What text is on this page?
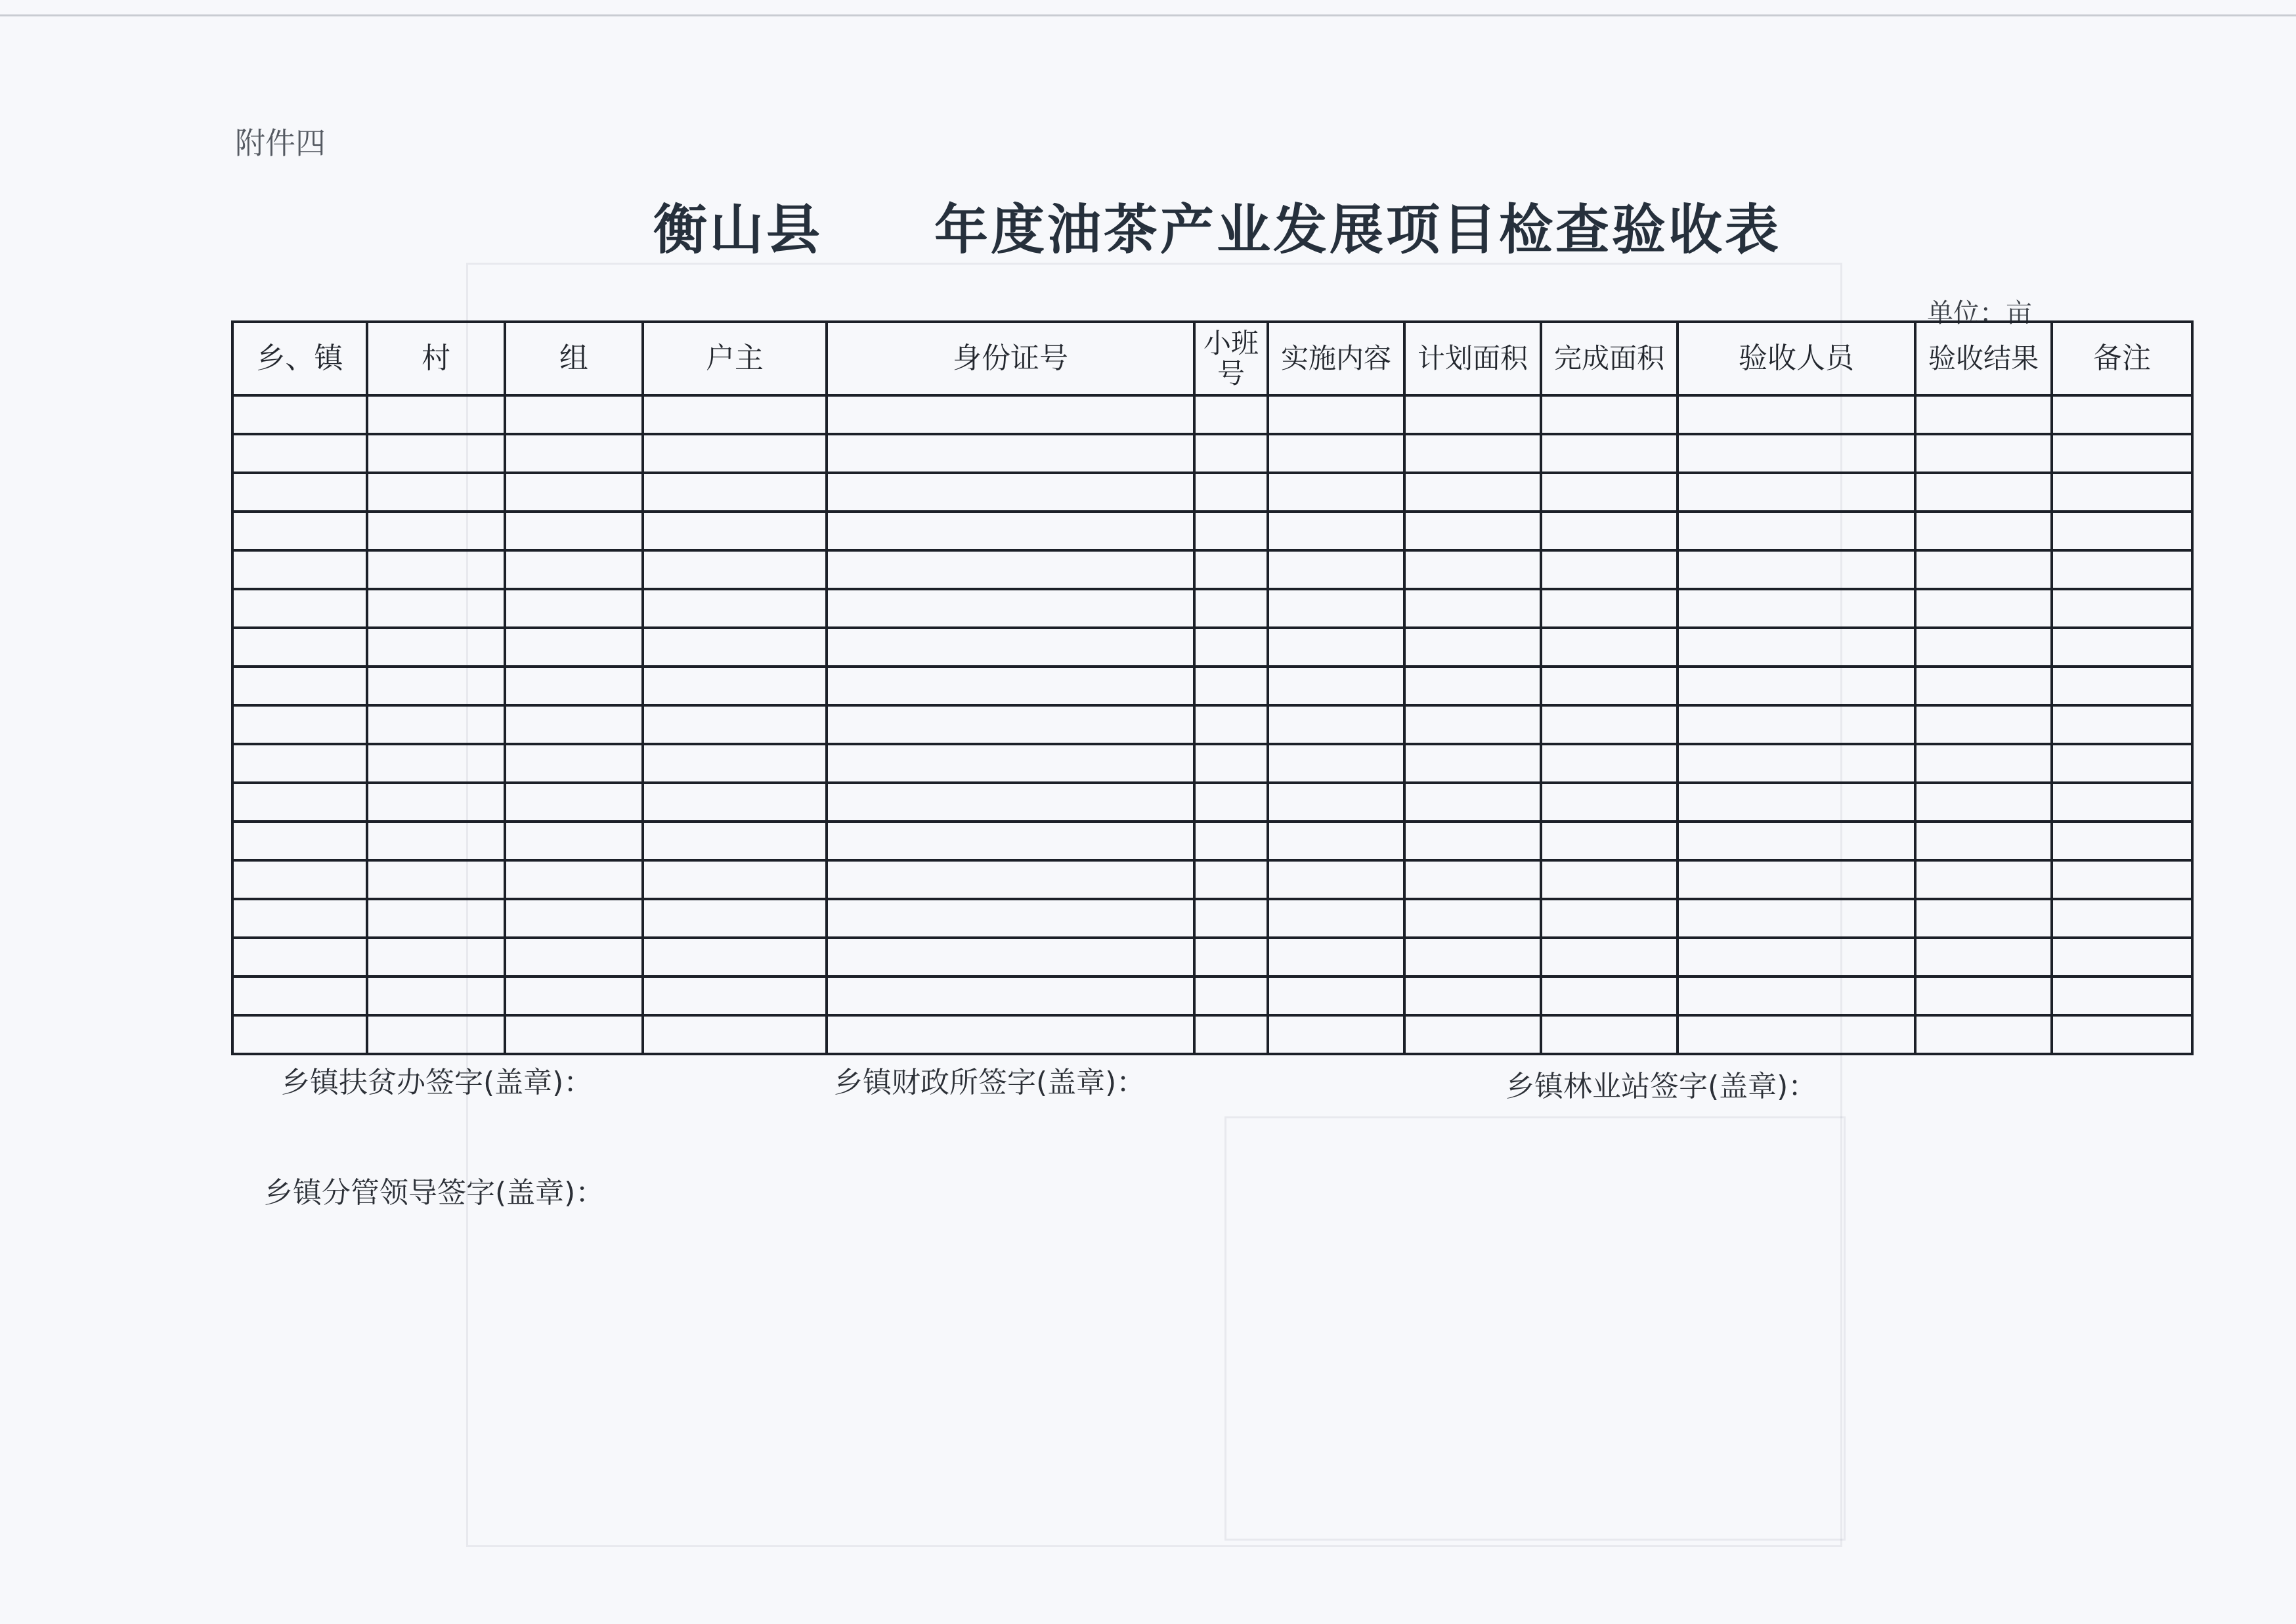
附件四
衡山县 年度油茶产业发展项目检查验收表
单位：亩
乡、镇	村	组	户主	身份证号	小班号	实施内容	计划面积	完成面积	验收人员	验收结果	备注

乡镇扶贫办签字(盖章)：	乡镇财政所签字(盖章)：	乡镇林业站签字(盖章)：
乡镇分管领导签字(盖章)：
